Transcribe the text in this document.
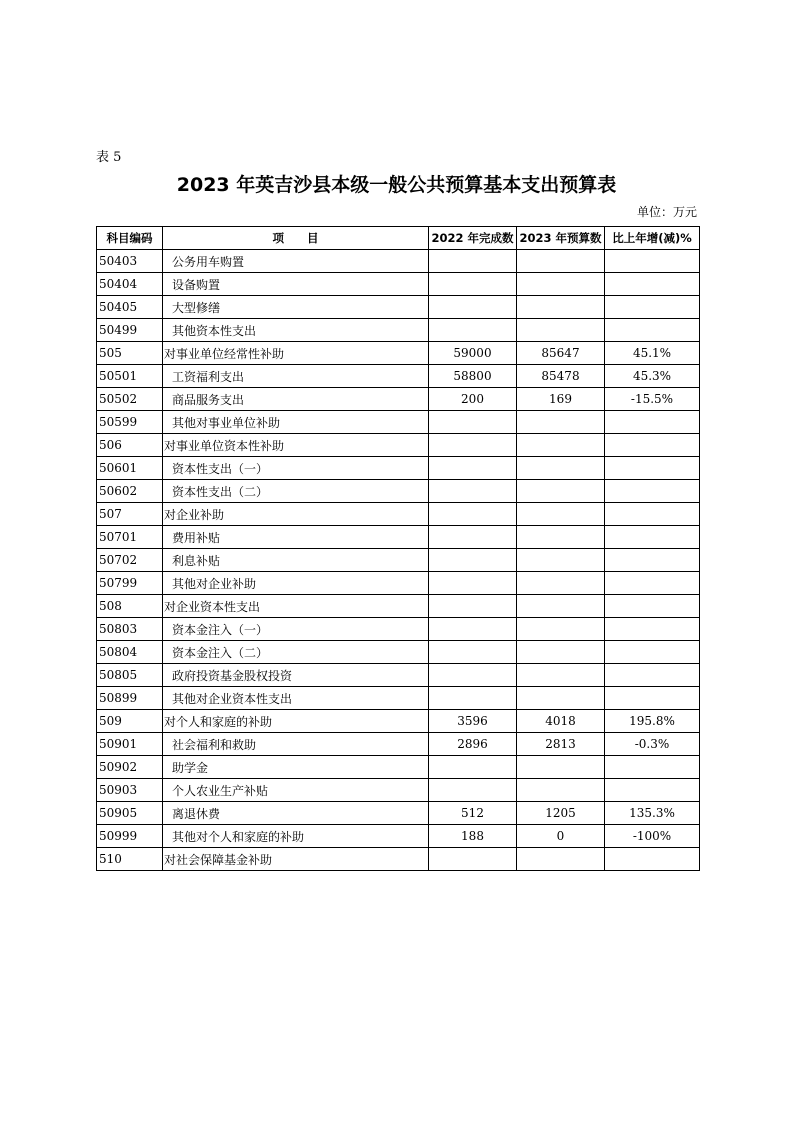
表 5
2023 年英吉沙县本级一般公共预算基本支出预算表
单位：万元
科目编码	项　　目	2022 年完成数	2023 年预算数	比上年增(减)%
50403	公务用车购置			
50404	设备购置			
50405	大型修缮			
50499	其他资本性支出			
505	对事业单位经常性补助	59000	85647	45.1%
50501	工资福利支出	58800	85478	45.3%
50502	商品服务支出	200	169	-15.5%
50599	其他对事业单位补助			
506	对事业单位资本性补助			
50601	资本性支出（一）			
50602	资本性支出（二）			
507	对企业补助			
50701	费用补贴			
50702	利息补贴			
50799	其他对企业补助			
508	对企业资本性支出			
50803	资本金注入（一）			
50804	资本金注入（二）			
50805	政府投资基金股权投资			
50899	其他对企业资本性支出			
509	对个人和家庭的补助	3596	4018	195.8%
50901	社会福利和救助	2896	2813	-0.3%
50902	助学金			
50903	个人农业生产补贴			
50905	离退休费	512	1205	135.3%
50999	其他对个人和家庭的补助	188	0	-100%
510	对社会保障基金补助			
